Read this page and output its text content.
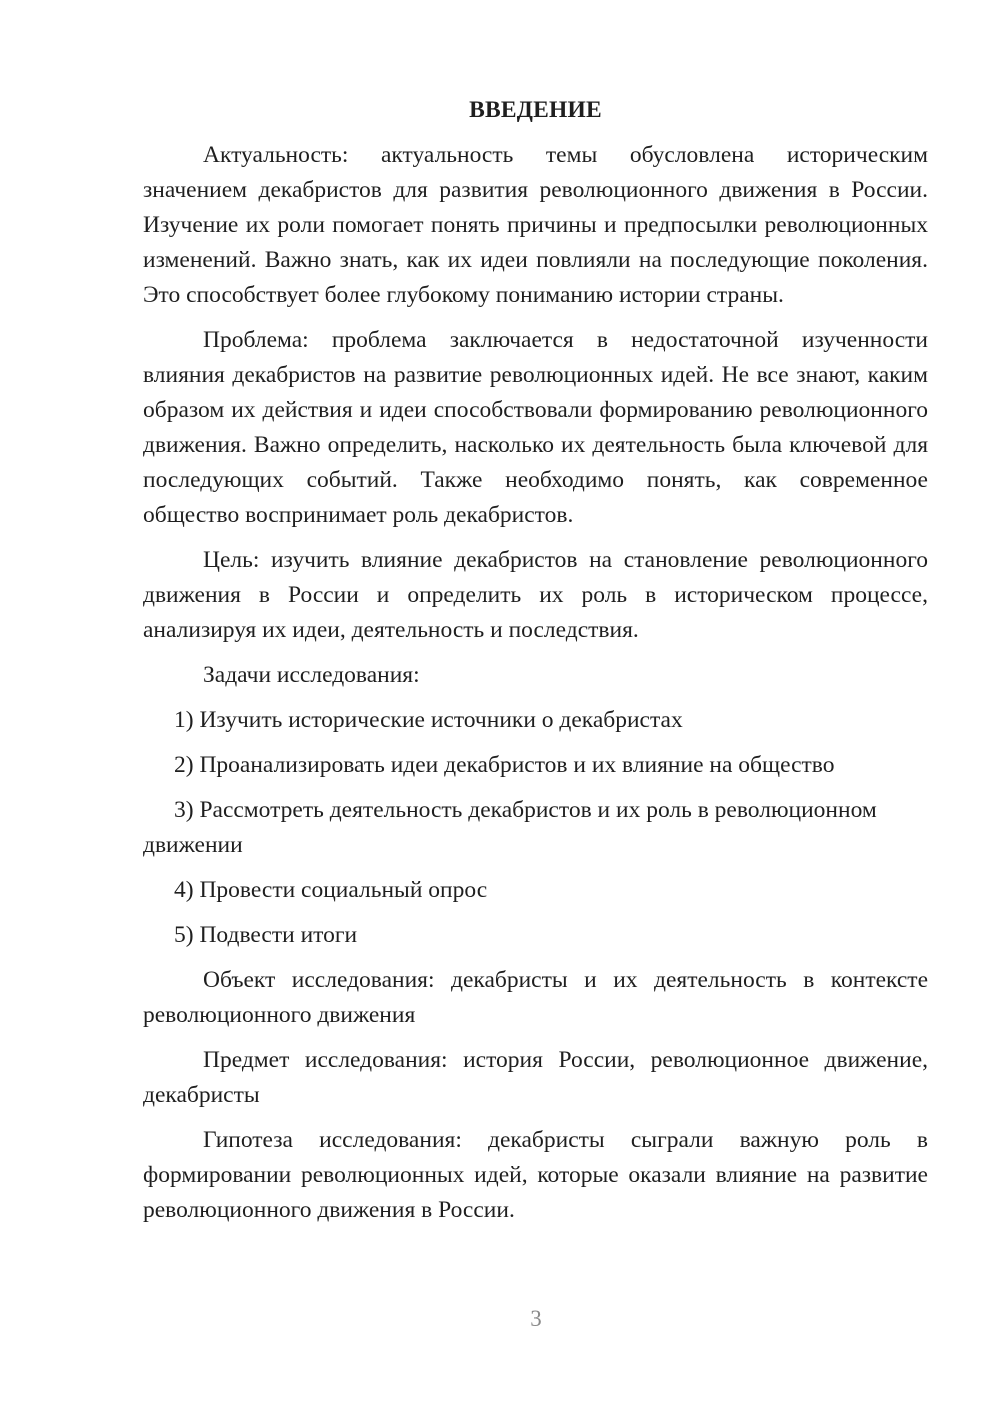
ВВЕДЕНИЕ

Актуальность: актуальность темы обусловлена историческим значением декабристов для развития революционного движения в России. Изучение их роли помогает понять причины и предпосылки революционных изменений. Важно знать, как их идеи повлияли на последующие поколения. Это способствует более глубокому пониманию истории страны.

Проблема: проблема заключается в недостаточной изученности влияния декабристов на развитие революционных идей. Не все знают, каким образом их действия и идеи способствовали формированию революционного движения. Важно определить, насколько их деятельность была ключевой для последующих событий. Также необходимо понять, как современное общество воспринимает роль декабристов.

Цель: изучить влияние декабристов на становление революционного движения в России и определить их роль в историческом процессе, анализируя их идеи, деятельность и последствия.

Задачи исследования:

1) Изучить исторические источники о декабристах

2) Проанализировать идеи декабристов и их влияние на общество

3) Рассмотреть деятельность декабристов и их роль в революционном движении

4) Провести социальный опрос

5) Подвести итоги

Объект исследования: декабристы и их деятельность в контексте революционного движения

Предмет исследования: история России, революционное движение, декабристы

Гипотеза исследования: декабристы сыграли важную роль в формировании революционных идей, которые оказали влияние на развитие революционного движения в России.

3
